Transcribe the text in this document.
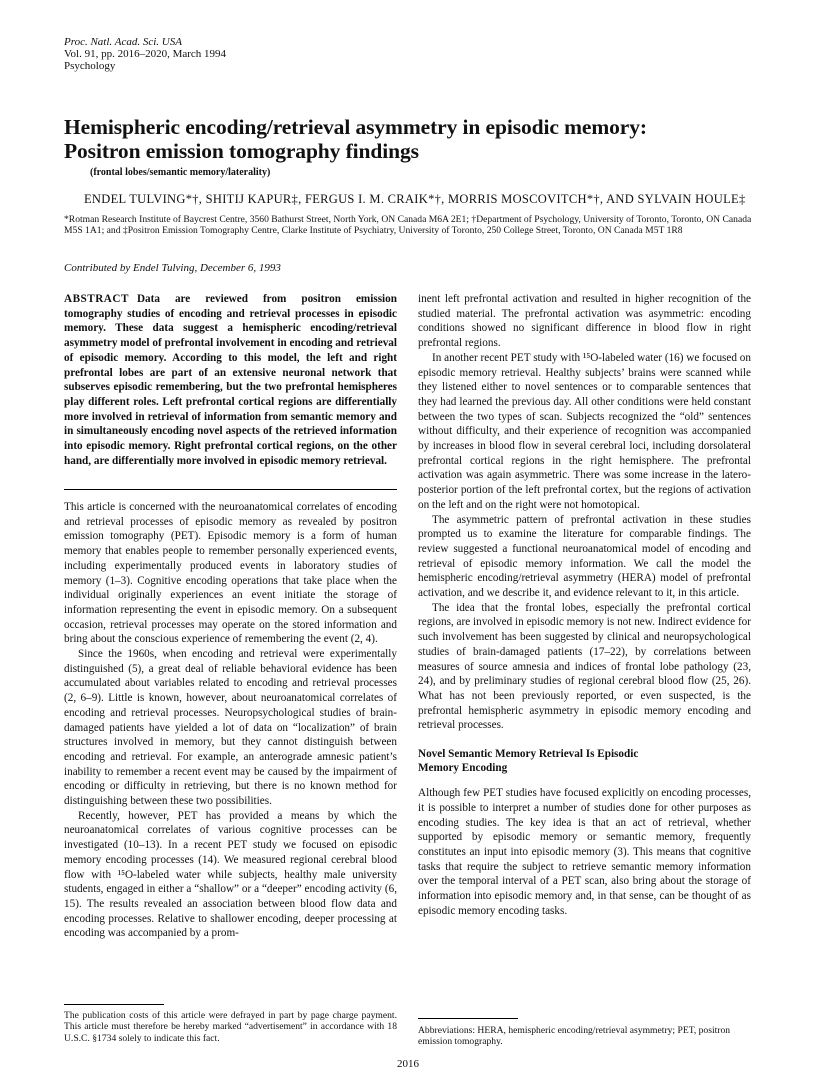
Proc. Natl. Acad. Sci. USA
Vol. 91, pp. 2016–2020, March 1994
Psychology
Hemispheric encoding/retrieval asymmetry in episodic memory:
Positron emission tomography findings
(frontal lobes/semantic memory/laterality)
ENDEL TULVING*†, SHITIJ KAPUR‡, FERGUS I. M. CRAIK*†, MORRIS MOSCOVITCH*†, AND SYLVAIN HOULE‡
*Rotman Research Institute of Baycrest Centre, 3560 Bathurst Street, North York, ON Canada M6A 2E1; †Department of Psychology, University of Toronto, Toronto, ON Canada M5S 1A1; and ‡Positron Emission Tomography Centre, Clarke Institute of Psychiatry, University of Toronto, 250 College Street, Toronto, ON Canada M5T 1R8
Contributed by Endel Tulving, December 6, 1993

ABSTRACT Data are reviewed from positron emission tomography studies of encoding and retrieval processes in episodic memory. These data suggest a hemispheric encoding/retrieval asymmetry model of prefrontal involvement in encoding and retrieval of episodic memory. According to this model, the left and right prefrontal lobes are part of an extensive neuronal network that subserves episodic remembering, but the two prefrontal hemispheres play different roles. Left prefrontal cortical regions are differentially more involved in retrieval of information from semantic memory and in simultaneously encoding novel aspects of the retrieved information into episodic memory. Right prefrontal cortical regions, on the other hand, are differentially more involved in episodic memory retrieval.

This article is concerned with the neuroanatomical correlates of encoding and retrieval processes of episodic memory as revealed by positron emission tomography (PET). Episodic memory is a form of human memory that enables people to remember personally experienced events, including experimentally produced events in laboratory studies of memory (1–3). Cognitive encoding operations that take place when the individual originally experiences an event initiate the storage of information representing the event in episodic memory. On a subsequent occasion, retrieval processes may operate on the stored information and bring about the conscious experience of remembering the event (2, 4).

Since the 1960s, when encoding and retrieval were experimentally distinguished (5), a great deal of reliable behavioral evidence has been accumulated about variables related to encoding and retrieval processes (2, 6–9). Little is known, however, about neuroanatomical correlates of encoding and retrieval processes. Neuropsychological studies of brain-damaged patients have yielded a lot of data on “localization” of brain structures involved in memory, but they cannot distinguish between encoding and retrieval. For example, an anterograde amnesic patient’s inability to remember a recent event may be caused by the impairment of encoding or difficulty in retrieving, but there is no known method for distinguishing between these two possibilities.

Recently, however, PET has provided a means by which the neuroanatomical correlates of various cognitive processes can be investigated (10–13). In a recent PET study we focused on episodic memory encoding processes (14). We measured regional cerebral blood flow with ¹⁵O-labeled water while subjects, healthy male university students, engaged in either a “shallow” or a “deeper” encoding activity (6, 15). The results revealed an association between blood flow data and encoding processes. Relative to shallower encoding, deeper processing at encoding was accompanied by a prom-

inent left prefrontal activation and resulted in higher recognition of the studied material. The prefrontal activation was asymmetric: encoding conditions showed no significant difference in blood flow in right prefrontal regions.

In another recent PET study with ¹⁵O-labeled water (16) we focused on episodic memory retrieval. Healthy subjects’ brains were scanned while they listened either to novel sentences or to comparable sentences that they had learned the previous day. All other conditions were held constant between the two types of scan. Subjects recognized the “old” sentences without difficulty, and their experience of recognition was accompanied by increases in blood flow in several cerebral loci, including dorsolateral prefrontal cortical regions in the right hemisphere. The prefrontal activation was again asymmetric. There was some increase in the latero-posterior portion of the left prefrontal cortex, but the regions of activation on the left and on the right were not homotopical.

The asymmetric pattern of prefrontal activation in these studies prompted us to examine the literature for comparable findings. The review suggested a functional neuroanatomical model of encoding and retrieval of episodic memory information. We call the model the hemispheric encoding/retrieval asymmetry (HERA) model of prefrontal activation, and we describe it, and evidence relevant to it, in this article.

The idea that the frontal lobes, especially the prefrontal cortical regions, are involved in episodic memory is not new. Indirect evidence for such involvement has been suggested by clinical and neuropsychological studies of brain-damaged patients (17–22), by correlations between measures of source amnesia and indices of frontal lobe pathology (23, 24), and by preliminary studies of regional cerebral blood flow (25, 26). What has not been previously reported, or even suspected, is the prefrontal hemispheric asymmetry in episodic memory encoding and retrieval processes.

Novel Semantic Memory Retrieval Is Episodic
Memory Encoding

Although few PET studies have focused explicitly on encoding processes, it is possible to interpret a number of studies done for other purposes as encoding studies. The key idea is that an act of retrieval, whether supported by episodic memory or semantic memory, frequently constitutes an input into episodic memory (3). This means that cognitive tasks that require the subject to retrieve semantic memory information over the temporal interval of a PET scan, also bring about the storage of information into episodic memory and, in that sense, can be thought of as episodic memory encoding tasks.

The publication costs of this article were defrayed in part by page charge payment. This article must therefore be hereby marked “advertisement” in accordance with 18 U.S.C. §1734 solely to indicate this fact.
Abbreviations: HERA, hemispheric encoding/retrieval asymmetry; PET, positron emission tomography.
2016
